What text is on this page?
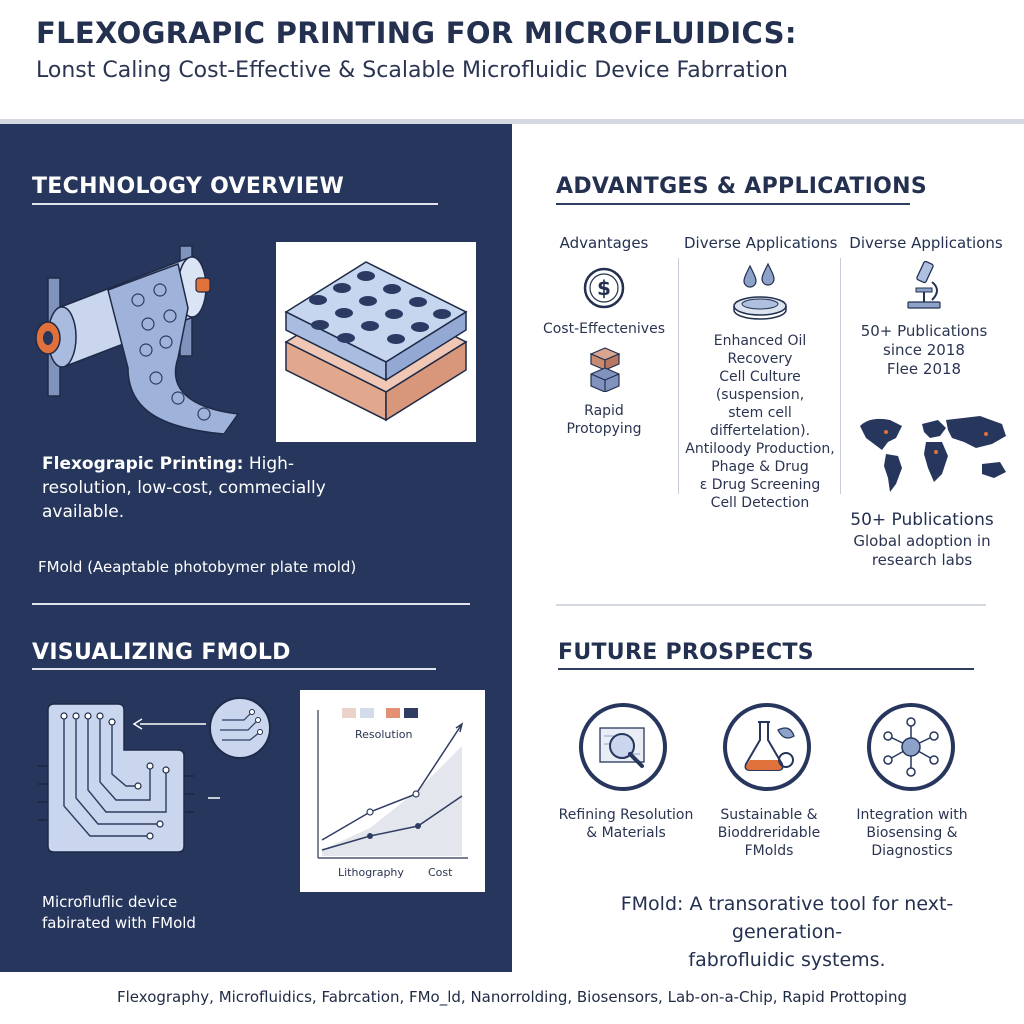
FLEXOGRAPIC PRINTING FOR MICROFLUIDICS:
Lonst Caling Cost-Effective & Scalable Microfluidic Device Fabrration
TECHNOLOGY OVERVIEW
Flexograpic Printing: High-resolution, low-cost, commecially available.
FMold (Aeaptable photobymer plate mold)
VISUALIZING FMOLD
Resolution
Lithography Cost
Microfluflic device
fabirated with FMold
ADVANTGES & APPLICATIONS
Advantages Diverse Applications Diverse Applications
$
Cost-Effectenives
Rapid
Protopying
Enhanced Oil Recovery
Cell Culture (suspension,
stem cell
differtelation).
Antiloody Production,
Phage & Drug
ɛ Drug Screening
Cell Detection
50+ Publications
since 2018
Flee 2018
50+ Publications
Global adoption in
research labs
FUTURE PROSPECTS
Refining Resolution
& Materials
Sustainable &
Bioddreridable
FMolds
Integration with
Biosensing &
Diagnostics
FMold: A transorative tool for next-generation-
fabrofluidic systems.
Flexography, Microfluidics, Fabrcation, FMo_ld, Nanorrolding, Biosensors, Lab-on-a-Chip, Rapid Prottoping
